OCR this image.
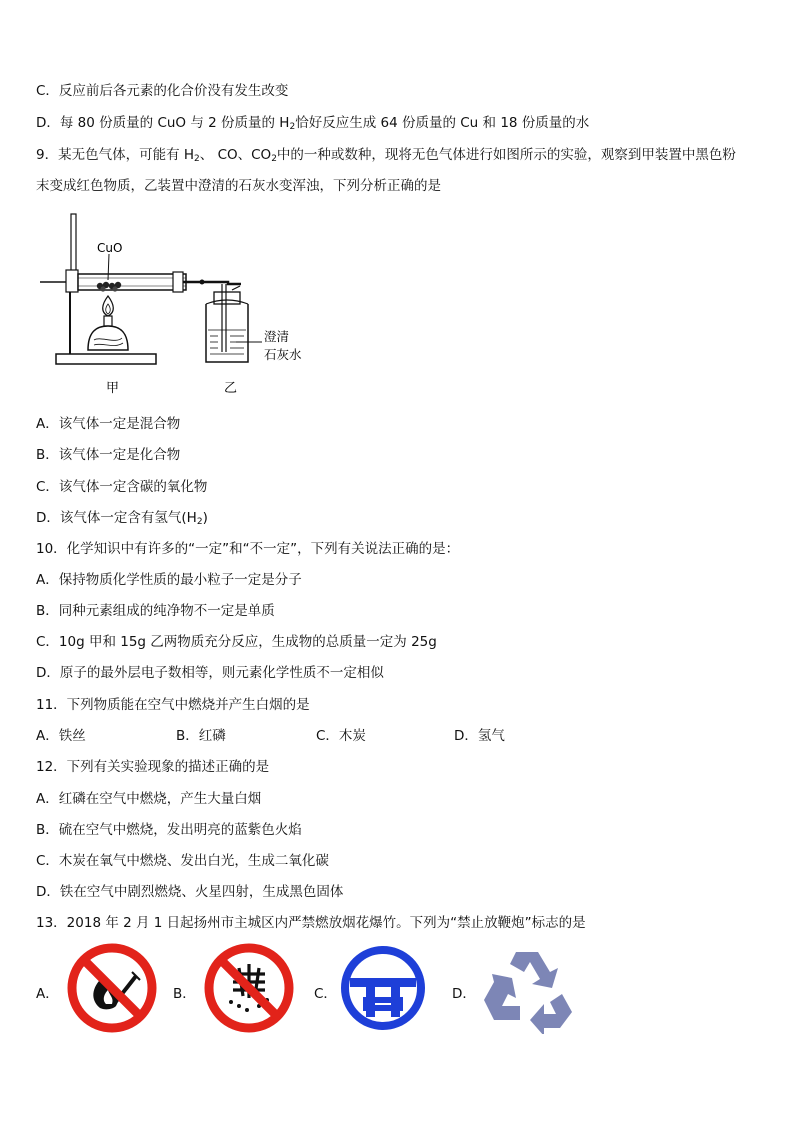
C．反应前后各元素的化合价没有发生改变
D．每 80 份质量的 CuO 与 2 份质量的 $H_2$恰好反应生成 64 份质量的 Cu 和 18 份质量的水
9．某无色气体，可能有 $H_2$、 CO、$CO_2$中的一种或数种，现将无色气体进行如图所示的实验，观察到甲装置中黑色粉
末变成红色物质，乙装置中澄清的石灰水变浑浊，下列分析正确的是
CuO
澄清
石灰水
甲	乙
A．该气体一定是混合物
B．该气体一定是化合物
C．该气体一定含碳的氧化物
D．该气体一定含有氢气$(H_2)$
10．化学知识中有许多的“一定”和“不一定”，下列有关说法正确的是：
A．保持物质化学性质的最小粒子一定是分子
B．同种元素组成的纯净物不一定是单质
C．10g 甲和 15g 乙两物质充分反应，生成物的总质量一定为 25g
D．原子的最外层电子数相等，则元素化学性质不一定相似
11．下列物质能在空气中燃烧并产生白烟的是
A．铁丝	B．红磷	C．木炭	D．氢气
12．下列有关实验现象的描述正确的是
A．红磷在空气中燃烧，产生大量白烟
B．硫在空气中燃烧，发出明亮的蓝紫色火焰
C．木炭在氧气中燃烧、发出白光，生成二氧化碳
D．铁在空气中剧烈燃烧、火星四射，生成黑色固体
13．2018 年 2 月 1 日起扬州市主城区内严禁燃放烟花爆竹。下列为“禁止放鞭炮”标志的是
A．	B．	C．	D．
